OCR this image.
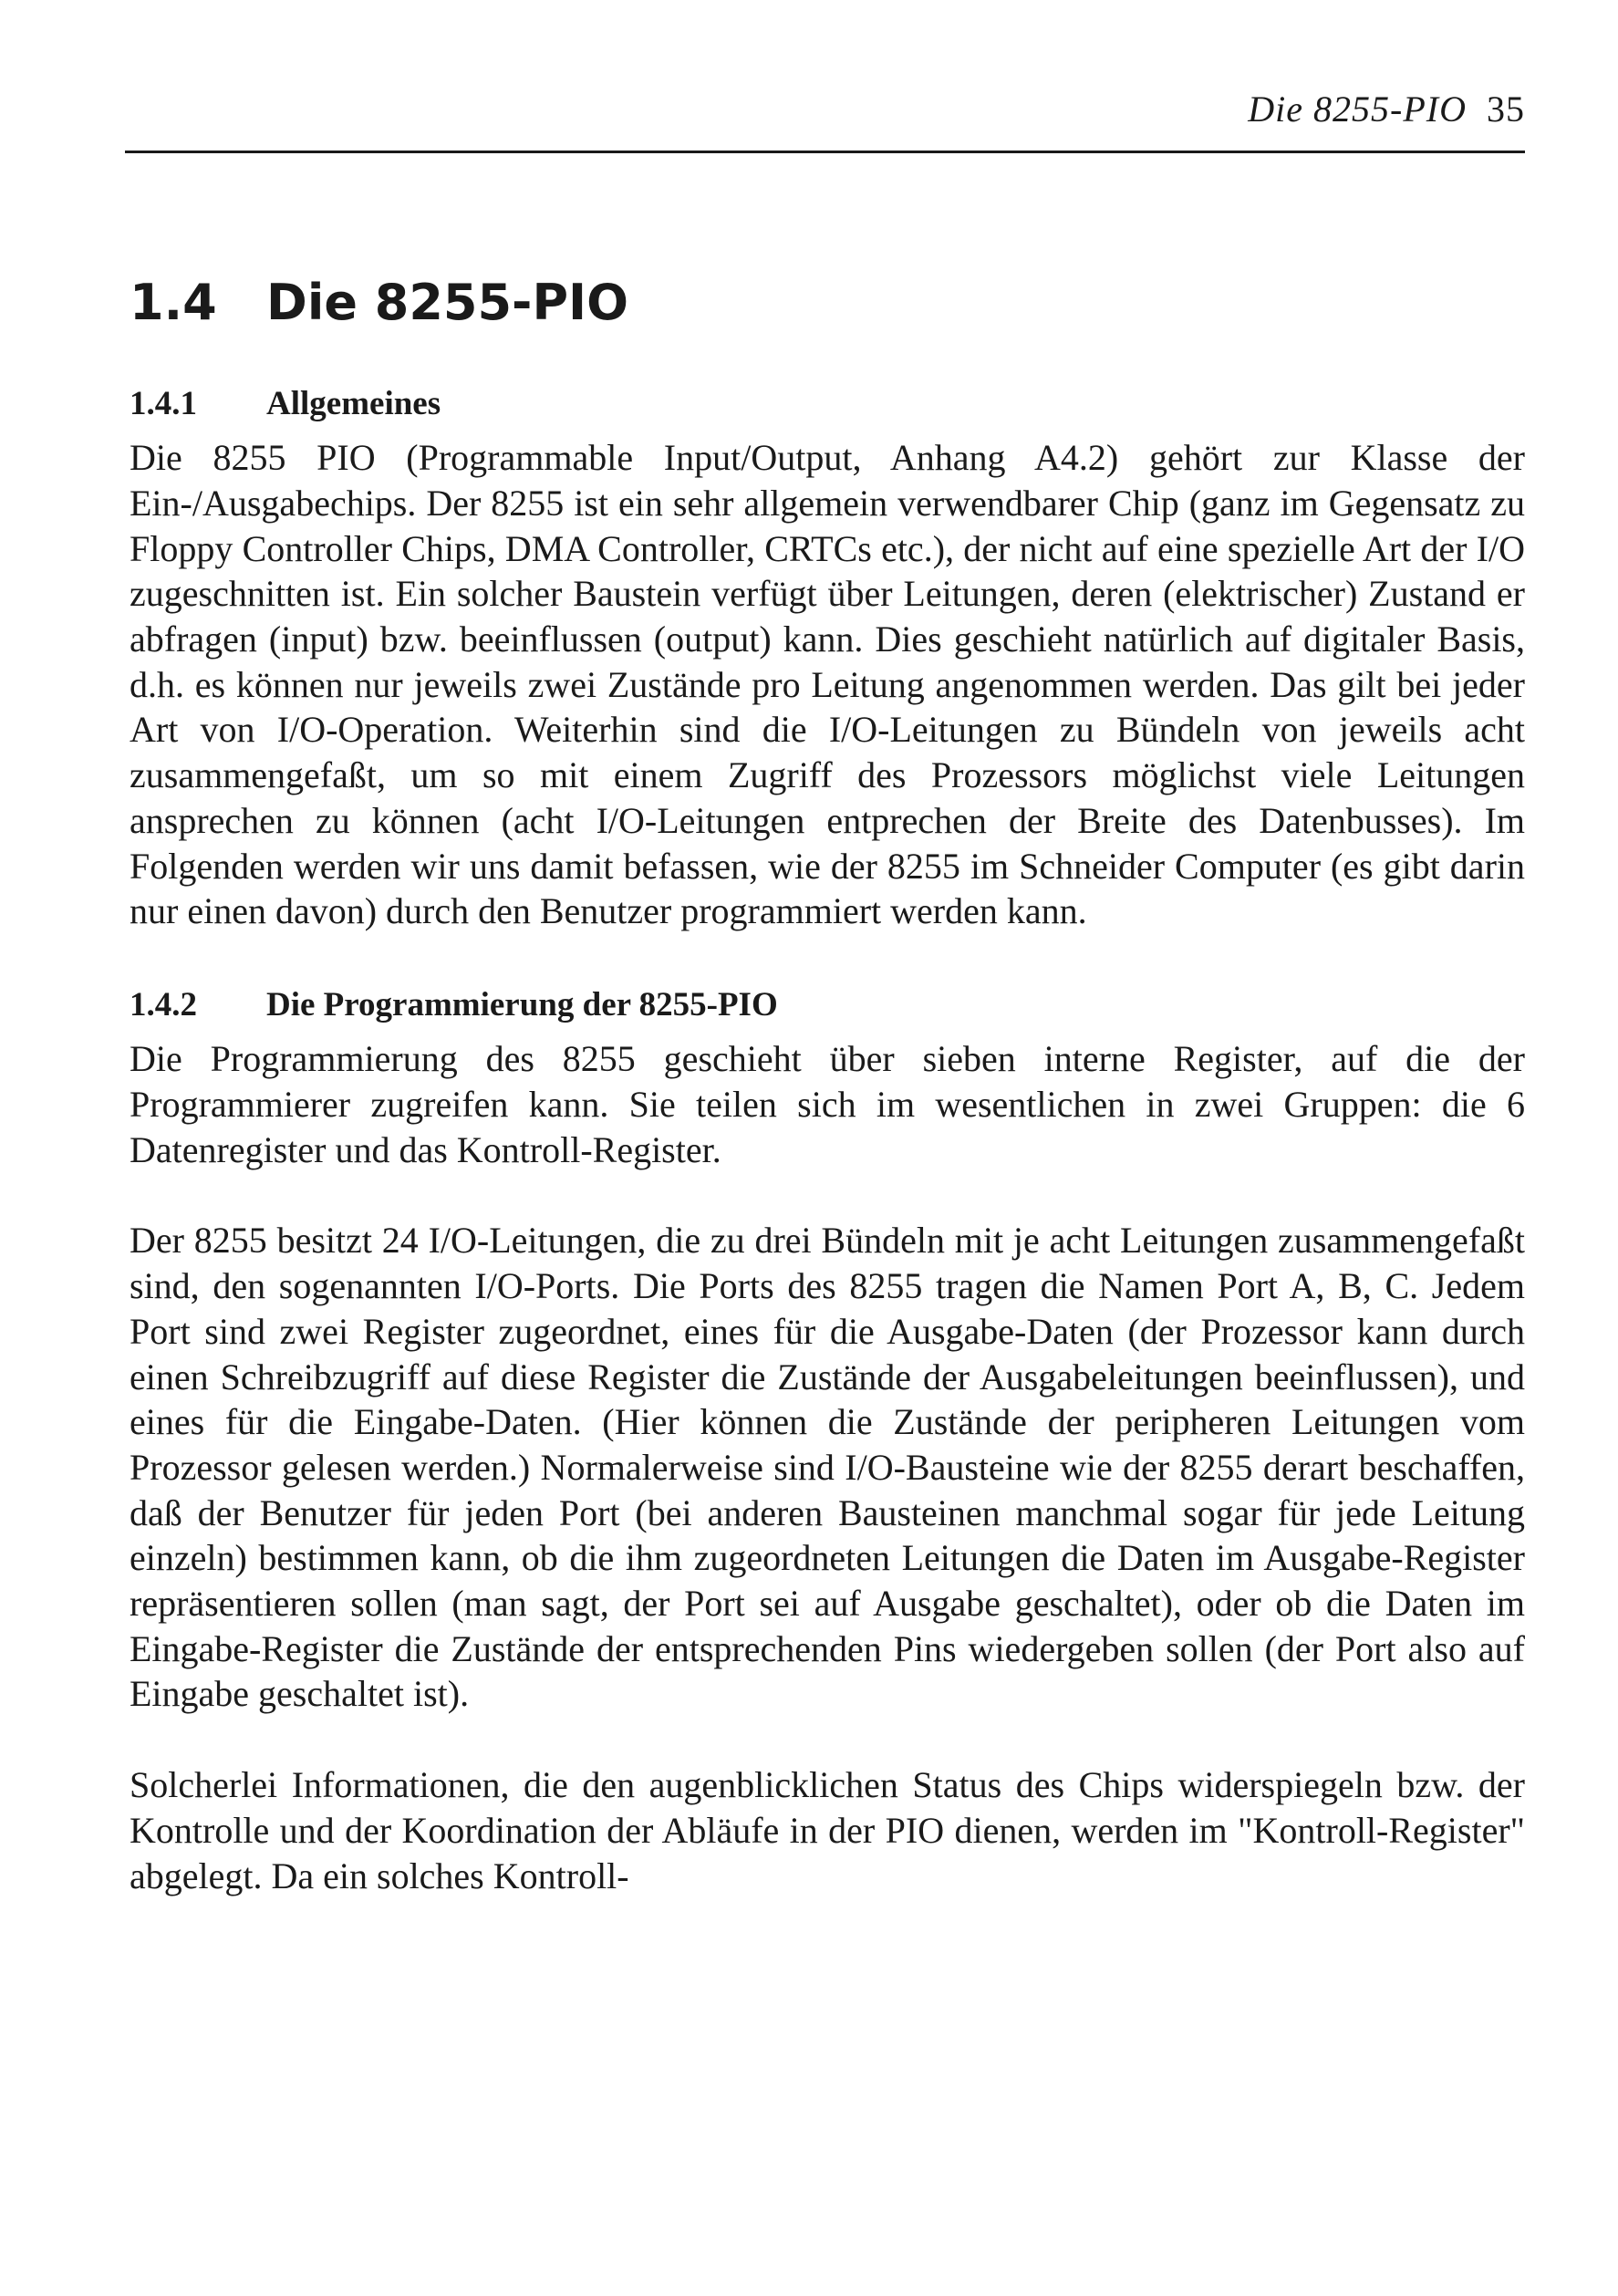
Die 8255-PIO 35
1.4 Die 8255-PIO
1.4.1 Allgemeines

Die 8255 PIO (Programmable Input/Output, Anhang A4.2) gehört zur Klasse der Ein-/Ausgabechips. Der 8255 ist ein sehr allgemein verwendbarer Chip (ganz im Gegensatz zu Floppy Controller Chips, DMA Controller, CRTCs etc.), der nicht auf eine spezielle Art der I/O zugeschnitten ist. Ein solcher Baustein verfügt über Leitungen, deren (elektrischer) Zustand er abfragen (input) bzw. beeinflussen (output) kann. Dies geschieht natürlich auf digitaler Basis, d.h. es können nur jeweils zwei Zustände pro Leitung angenommen werden. Das gilt bei jeder Art von I/O-Operation. Weiterhin sind die I/O-Leitungen zu Bündeln von jeweils acht zusammengefaßt, um so mit einem Zugriff des Prozessors möglichst viele Leitungen ansprechen zu können (acht I/O-Leitungen entprechen der Breite des Datenbusses). Im Folgenden werden wir uns damit befassen, wie der 8255 im Schneider Computer (es gibt darin nur einen davon) durch den Benutzer programmiert werden kann.

1.4.2 Die Programmierung der 8255-PIO

Die Programmierung des 8255 geschieht über sieben interne Register, auf die der Programmierer zugreifen kann. Sie teilen sich im wesentlichen in zwei Gruppen: die 6 Datenregister und das Kontroll-Register.

Der 8255 besitzt 24 I/O-Leitungen, die zu drei Bündeln mit je acht Leitungen zusammengefaßt sind, den sogenannten I/O-Ports. Die Ports des 8255 tragen die Namen Port A, B, C. Jedem Port sind zwei Register zugeordnet, eines für die Ausgabe-Daten (der Prozessor kann durch einen Schreibzugriff auf diese Register die Zustände der Ausgabeleitungen beeinflussen), und eines für die Eingabe-Daten. (Hier können die Zustände der peripheren Leitungen vom Prozessor gelesen werden.) Normalerweise sind I/O-Bausteine wie der 8255 derart beschaffen, daß der Benutzer für jeden Port (bei anderen Bausteinen manchmal sogar für jede Leitung einzeln) bestimmen kann, ob die ihm zugeordneten Leitungen die Daten im Ausgabe-Register repräsentieren sollen (man sagt, der Port sei auf Ausgabe geschaltet), oder ob die Daten im Eingabe-Register die Zustände der entsprechenden Pins wiedergeben sollen (der Port also auf Eingabe geschaltet ist).

Solcherlei Informationen, die den augenblicklichen Status des Chips widerspiegeln bzw. der Kontrolle und der Koordination der Abläufe in der PIO dienen, werden im "Kontroll-Register" abgelegt. Da ein solches Kontroll-
